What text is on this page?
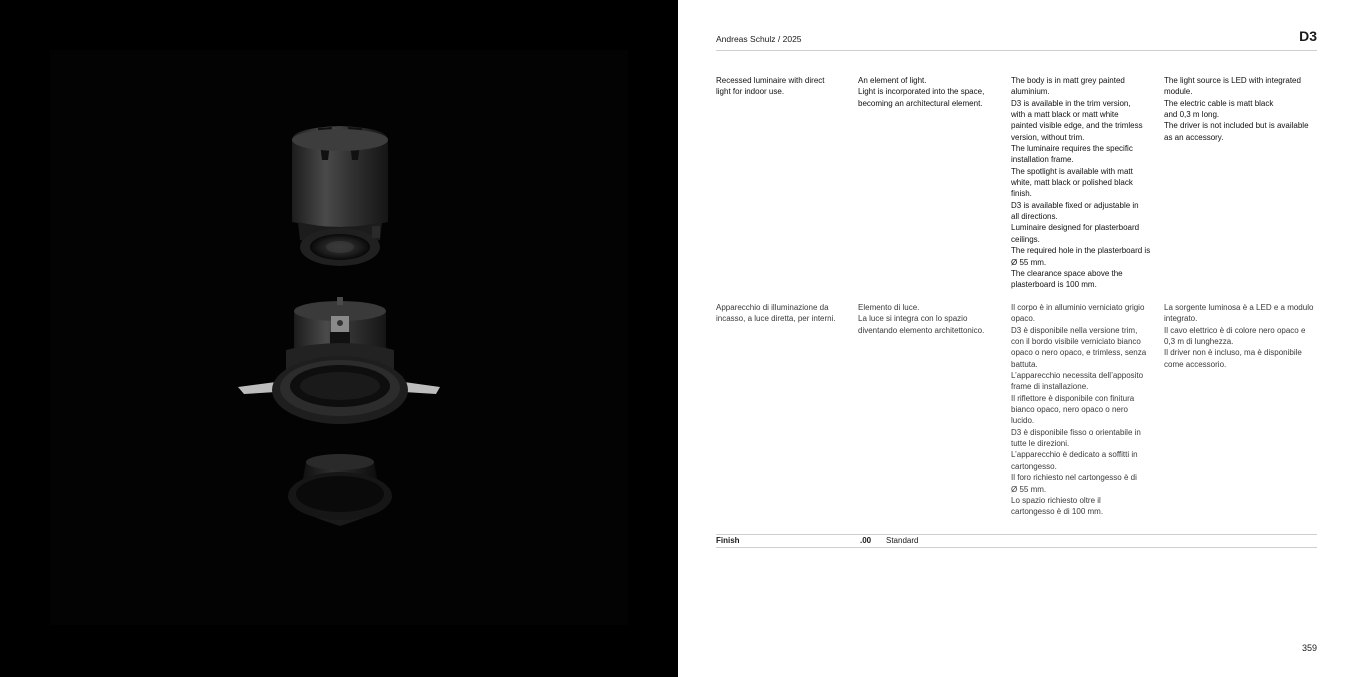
Andreas Schulz / 2025	D3
Recessed luminaire with direct
light for indoor use.
An element of light.
Light is incorporated into the space,
becoming an architectural element.
The body is in matt grey painted
aluminium.
D3 is available in the trim version,
with a matt black or matt white
painted visible edge, and the trimless
version, without trim.
The luminaire requires the specific
installation frame.
The spotlight is available with matt
white, matt black or polished black
finish.
D3 is available fixed or adjustable in
all directions.
Luminaire designed for plasterboard
ceilings.
The required hole in the plasterboard is
Ø 55 mm.
The clearance space above the
plasterboard is 100 mm.
The light source is LED with integrated
module.
The electric cable is matt black
and 0,3 m long.
The driver is not included but is available
as an accessory.
Apparecchio di illuminazione da
incasso, a luce diretta, per interni.
Elemento di luce.
La luce si integra con lo spazio
diventando elemento architettonico.
Il corpo è in alluminio verniciato grigio
opaco.
D3 è disponibile nella versione trim,
con il bordo visibile verniciato bianco
opaco o nero opaco, e trimless, senza
battuta.
L’apparecchio necessita dell’apposito
frame di installazione.
Il riflettore è disponibile con finitura
bianco opaco, nero opaco o nero
lucido.
D3 è disponibile fisso o orientabile in
tutte le direzioni.
L’apparecchio è dedicato a soffitti in
cartongesso.
Il foro richiesto nel cartongesso è di
Ø 55 mm.
Lo spazio richiesto oltre il
cartongesso è di 100 mm.
La sorgente luminosa è a LED e a modulo
integrato.
Il cavo elettrico è di colore nero opaco e
0,3 m di lunghezza.
Il driver non è incluso, ma è disponibile
come accessorio.
Finish	.00 Standard
359
